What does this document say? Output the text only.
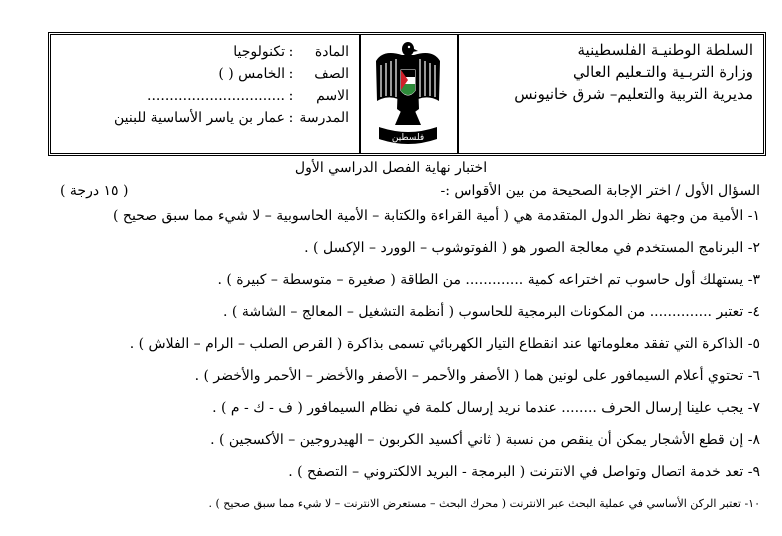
المادة
:
تكنولوجيا
الصف
:
الخامس ( )
الاسم
:
...............................
المدرسة
:
عمار بن ياسر الأساسية للبنين
فلسطين
السلطة الوطنيـة الفلسطينية
وزارة التربـية والتـعليم العالي
مديرية التربية والتعليم– شرق خانيونس
اختبار نهاية الفصل الدراسي الأول
السؤال الأول / اختر الإجابة الصحيحة من بين الأقواس :-
( ١٥ درجة )
١- الأمية من وجهة نظر الدول المتقدمة هي ( أمية القراءة والكتابة – الأمية الحاسوبية – لا شيء مما سبق صحيح )
٢- البرنامج المستخدم في معالجة الصور هو ( الفوتوشوب – الوورد – الإكسل ) .
٣- يستهلك أول حاسوب تم اختراعه كمية ............. من الطاقة ( صغيرة – متوسطة – كبيرة ) .
٤- تعتبر .............. من المكونات البرمجية للحاسوب ( أنظمة التشغيل – المعالج – الشاشة ) .
٥- الذاكرة التي تفقد معلوماتها عند انقطاع التيار الكهربائي تسمى بذاكرة ( القرص الصلب – الرام – الفلاش ) .
٦- تحتوي أعلام السيمافور على لونين هما ( الأصفر والأحمر – الأصفر والأخضر – الأحمر والأخضر ) .
٧- يجب علينا إرسال الحرف ........ عندما نريد إرسال كلمة في نظام السيمافور ( ف - ك - م ) .
٨- إن قطع الأشجار يمكن أن ينقص من نسبة ( ثاني أكسيد الكربون – الهيدروجين – الأكسجين ) .
٩- تعد خدمة اتصال وتواصل في الانترنت ( البرمجة - البريد الالكتروني – التصفح ) .
١٠- تعتبر الركن الأساسي في عملية البحث عبر الانترنت ( محرك البحث – مستعرض الانترنت – لا شيء مما سبق صحيح ) .
